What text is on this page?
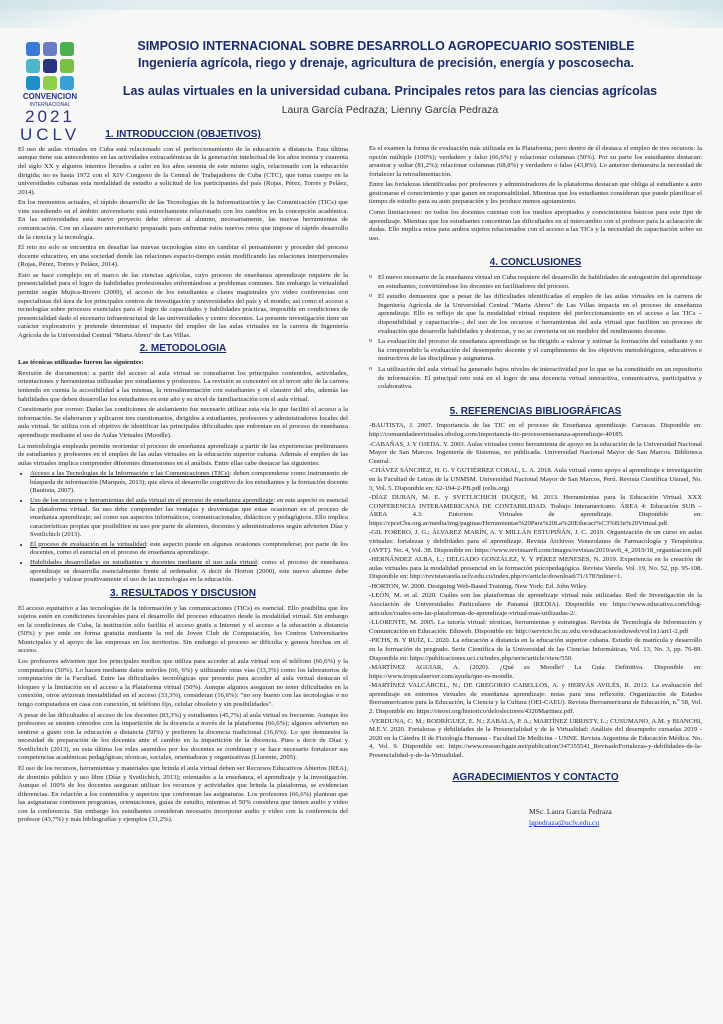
CONVENCION
INTERNACIONAL
2021
UCLV
SIMPOSIO INTERNACIONAL SOBRE DESARROLLO AGROPECUARIO SOSTENIBLE
Ingeniería agrícola, riego y drenaje, agricultura de precisión, energía y poscosecha.
Las aulas virtuales en la universidad cubana. Principales retos para las ciencias agrícolas
Laura García Pedraza; Lienny García Pedraza
1. INTRODUCCION (OBJETIVOS)

El uso de aulas virtuales en Cuba está relacionado con el perfeccionamiento de la educación a distancia. Esta última aunque tiene sus antecedentes en las actividades extracadémicas de la generación intelectual de los años treinta y cuarenta del siglo XX y algunos intentos llevados a cabo en los años sesenta de este mismo siglo, relacionado con la educación dirigida; no es hasta 1972 con el XIV Congreso de la Central de Trabajadores de Cuba (CTC), que toma cuerpo en la universidades cubanas esta modalidad de estudio a solicitud de los participantes del país (Rojas, Pérez, Torres y Peláez, 2014).

En los momentos actuales, el rápido desarrollo de las Tecnologías de la Informatización y las Comunicación (TICs) que vine sucediendo en el ámbito universitario está estrechamente relacionado con los cambios en la concepción académica. En las universidades está nuevo proyecto debe ofrecer al alumno, necesariamente, las nuevas herramientas de comunicación. Con un claustro universitario preparado para enfrentar estos nuevos retos que impone el rápido desarrollo de la ciencia y la tecnología.

El reto no solo se encuentra en desafiar las nuevas tecnologías sino en cambiar el pensamiento y proceder del proceso docente educativo, en una sociedad donde las relaciones espacio-tiempo están modificando las relaciones interpersonales (Rojas, Pérez, Torres y Peláez, 2014).

Esto se hace complejo en el marco de las ciencias agrícolas, cuyo proceso de enseñanza aprendizaje requiere de la presencialidad para el logro de habilidades profesionales enfrentándose a problemas comunes. Sin embargo la virtualidad permite según Mujica-Rivero (2009), el acceso de los estudiantes a clases magistrales y/o video conferencias con especialistas del área de los principales centros de investigación y universidades del país y el mundo; así como el acceso a tecnologías sobre procesos exenciales para el logro de capacidades y habilidades prácticas, imposible en condiciones de presencialidad dado el escenario infraestructural de las universidades y centro docentes. La presente investigación tiene un carácter exploratorio y pretende determinar el impacto del empleo de las aulas virtuales en la carrera de Ingeniería Agrícola de la Universidad Central "Marta Abreu" de Las Villas.

2. METODOLOGIA

Las técnicas utilizadas fueron las siguientes:

Revisión de documentos: a partir del acceso al aula virtual se consultaron los principales contenidos, actividades, orientaciones y herramientas utilizadas por estudiantes y profesores. La revisión se concentró en el tercer año de la carrera teniendo en cuenta la accesibilidad a las mismas, la retroalimentación con estudiantes y el claustro del año, además las habilidades que deben desarrollar los estudiantes en este año y su nivel de familiarización con el aula virtual.

Cuestionario por correo: Dadas las condiciones de aislamiento fue necesario utilizar esta vía lo que facilitó el acceso a la información. Se elaboraron y aplicaron tres cuestionarios, dirigidos a estudiantes, profesores y administradores locales del aula virtual. Se utiliza con el objetivo de identificar las principales dificultades que enfrentan en el proceso de enseñanza aprendizaje mediante el uso de Aulas Virtuales (Moodle).

La metodología empleada permite reorientar el proceso de enseñanza aprendizaje a partir de las experiencias preliminares de estudiantes y profesores en el empleo de las aulas virtuales en la educación superior cubana. Además el empleo de las aulas virtuales implica comprender diferentes dimensiones en el análisis. Entre ellas cabe destacar las siguientes:

• Acceso a las Tecnologías de la Información y las Comunicaciones (TICs): deben comprenderse como instrumento de búsqueda de información (Marqués, 2013); que eleva el desarrollo cognitivo de los estudiantes y la formación docente (Bautista, 2007).
• Uso de los recursos y herramientas del aula virtual en el proceso de enseñanza aprendizaje: en este aspecto es esencial la plataforma virtual. Su uso debe comprender las ventajas y desventajas que estas ocasionan en el proceso de enseñanza aprendizaje; así como sus aspectos informáticos, comunicacionales, didácticos y pedagógicos. Ello implica características propias que posibiliten su uso por parte de alumnos, docentes y administradores según advierten Díaz y Svetlichich (2013).
• El proceso de evaluación en la virtualidad: este aspecto puede en algunas ocasiones comprenderse; por parte de los docentes, como el esencial en el proceso de enseñanza aprendizaje.
• Habilidades desarrolladas en estudiantes y docentes mediante el uso aula virtual: como el proceso de enseñanza aprendizaje se desarrolla esencialmente frente al ordenador. A decir de Horton (2000), este nuevo alumno debe manejarlo y valorar positivamente el uso de las tecnologías en la educación.
3. RESULTADOS Y DISCUSION

El acceso equitativo a las tecnologías de la información y las comunicaciones (TICs) es esencial. Ello posibilita que los sujetos estén en condiciones favorables para el desarrollo del proceso educativo desde la modalidad virtual. Sin embargo en la condiciones de Cuba, la institución sólo facilita el acceso gratis a Internet y el acceso a la educación a distancia (50%) y por ende en forma gratuita mediante la red de Joven Club de Computación, los Centros Universitarios Municipales y el apoyo de las empresas en los territorios. Sin embargo el proceso se dificulta y genera brechas en el acceso.

Los profesores advierten que los principales medios que utiliza para acceder al aula virtual son el teléfono (66,6%) y la computadora (50%). Lo hacen mediante datos móviles (66, 6%) y utilizando otras vías (33,3%) como los laboratorios de computación de la Facultad. Entre las dificultades tecnológicas que presenta para acceder al aula virtual destacan el bloqueo y la limitación en el acceso a la Plataforma virtual (50%). Aunque algunos aseguran no tener dificultades en la conexión, otros avizoran inestabilidad en el acceso (33,3%), consideran (16,6%): "no soy bueno con las tecnologías o no tengo computadora en casa con conexión, ni teléfono fijo, celular obsoleto y sin posibilidades".

A pesar de las dificultades el acceso de los docentes (83,3%) y estudiantes (45,7%) al aula virtual es frecuente. Aunque los profesores se sienten cómodos con la impartición de la docencia a través de la plataforma (66,6%); algunos advierten no sentirse a gusto con la educación a distancia (50%) y prefieren la docencia tradicional (16,6%). Lo que demuestra la necesidad de preparación de los docentes ante el cambio en la impartición de la docencia. Pues a decir de Díaz y Svetlichich (2013), en esta última los roles asumidos por los docentes se combinan y se hace necesario fortalecer sus competencias académicas pedagógicas; técnicas, sociales, orientadoras y organizativas (Llorente, 2005).

El uso de los recursos, herramientas y materiales que brinda el aula virtual deben ser Recursos Educativos Abiertos (REA), de dominio público y uso libre (Díaz y Svetlichich, 2013); orientados a la enseñanza, el aprendizaje y la investigación. Aunque el 100% de los docentes aseguran utilizar los recursos y actividades que brinda la plataforma, se evidencian diferencias. En relación a los contenidos y aspectos que conforman las asignaturas. Los profesores (66,6%) plantean que las asignaturas contienen programas, orientaciones, guías de estudio, mientras el 50% considera que tienen audio y video con la conferencia. Sin embargo los estudiantes consideran necesario incorporar audio y video con la conferencia del profesor (43,7%) y más bibliografías y ejemplos (31,2%).

Es el examen la forma de evaluación más utilizada en la Plataforma; pero dentro de él destaca el empleo de tres recursos: la opción múltiple (100%); verdadero y falso (66,6%) y relacionar columnas (50%). Por su parte los estudiantes destacan: arrastrar y soltar (81,2%); relacionar columnas (68,8%) y verdadero o falso (43,8%). Lo anterior demuestra la necesidad de fortalecer la retroalimentación.

Entre las fortalezas identificadas por profesores y administradores de la plataforma destacan que obliga al estudiante a auto gestionarse el conocimiento y que ganen en responsabilidad. Mientras que los estudiantes consideran que puede planificar el tiempo de estudio para su auto preparación y les produce menos agotamiento.

Como limitaciones: no todos los docentes cuentan con los medios apropiados y conocimientos básicos para este tipo de aprendizaje. Mientras que los estudiantes concentran las dificultades en el intercambio con el profesor para la aclaración de dudas. Ello implica retos para ambos sujetos relacionados con el acceso a las TICs y la necesidad de capacitación sobre su uso.

4. CONCLUSIONES
o El nuevo escenario de la enseñanza virtual en Cuba requiere del desarrollo de habilidades de autogestión del aprendizaje en estudiantes, convirtiéndose los docentes en facilitadores del proceso.
o El estudio demuestra que a pesar de las dificultades identificadas el empleo de las aulas virtuales en la carrera de Ingeniería Agrícola de la Universidad Central "Marta Abreu" de Las Villas impacta en el proceso de enseñanza aprendizaje. Ello es reflejo de que la modalidad virtual requiere del perfeccionamiento en el acceso a las TICs –disponibilidad y capacitación–; del uso de los recursos o herramientas del aula virtual que faciliten un proceso de evaluación que desarrolle habilidades y destrezas, y no se convierta en un medidor del rendimiento docente.
o La evaluación del proceso de enseñanza aprendizaje se ha dirigido a valorar y estimar la formación del estudiante y no ha comprendido la evaluación del desempeño docente y el cumplimiento de los objetivos metodológicos, educativos e instructivos de las disciplinas y asignaturas.
o La utilización del aula virtual ha generado bajos niveles de interactividad por lo que se ha constituido en un repositorio de información. El principal reto está en el logro de una docencia virtual interactiva, comunicativa, participativa y colaborativa.
5. REFERENCIAS BIBLIOGRÁFICAS

-BAUTISTA, J. 2007. Importancia de las TIC en el proceso de Enseñanza aprendizaje. Carracas. Disponible en: http://comunidadesvirtuales.obolog.com/importancia-tic-procesoensenanza-aprendizaje-40185.

-CABAÑAS, J. Y OJEDA. Y. 2003. Aulas virtuales como herramienta de apoyo en la educación de la Universidad Nacional Mayor de San Marcos. Ingeniería de Sistemas, no publicada. Universidad Nacional Mayor de San Marcos. Biblioteca Central.

-CHÁVEZ SÁNCHEZ, H. G. Y GUTIÉRREZ CORAL, L. A. 2018. Aula virtual como apoyo al aprendizaje e investigación en la Facultad de Letras de la UNMSM. Universidad Nacional Mayor de San Marcos, Perú. Revista Científica Uisrael, No. 3, Vol. 5. Disponible en: 62-194-2-PB.pdf (relis.org)

-DÍAZ DURAN, M. E. y SVETLICHICH DUQUE, M. 2013. Herramientas para la Educación Virtual. XXX CONFERENCIA INTERAMERICANA DE CONTABILIDAD. Trabajo Interamericano. ÁREA 4: Educación SUB – ÁREA 4.3: Entornos Virtuales de aprendizaje. Disponible en: https://cpceCba.org.ar/media/img/paginas/Herramientas%20Para%20La%20Educaci%C3%B3n%20Virtual.pdf.

-GIL FORERO, J. G.; ÁLVAREZ MARÍN, A. Y MILLÁN ESTUPIÑÁN, J. C. 2019. Organización de un curso en aulas virtuales: fortalezas y debilidades para el aprendizaje. Revista Archivos Venezolanos de Farmacología y Terapéutica (AVFT). No. 4, Vol. 38. Disponible en: https://www.revistaavft.com/images/revistas/2019/avft_4_2019/18_organizacion.pdf

-HERNÁNDEZ ALBA, L.; DELGADO GONZÁLEZ, Y. Y PÉREZ MENESES, N. 2019. Experiencia en la creación de aulas virtuales para la modalidad presencial en la formación psicopedagógica. Revista Varela. Vol. 19, No. 52, pp. 95-108. Disponible en: http://revistavarela.uclv.edu.cu/index.php/rv/article/download/71/178?inline=1.

-HORTON, W. 2000. Designing Web-Based Training. New York: Ed. John Wiley.

-LEÓN, M. et al. 2020. Cuáles son las plataformas de aprendizaje virtual más utilizadas. Red de Investigación de la Asociación de Universidades Particulares de Panamá (REDIA). Disponible en: https://www.educativa.com/blog-articulos/cuales-son-las-plataformas-de-aprendizaje-virtual-mas-utilizadas-2/.

-LLORENTE, M. 2005. La tutoría virtual: técnicas, herramientas y estrategias. Revista de Tecnología de Información y Comunicación en Educación. Eduweb. Disponible en: http://servicio.bc.uc.edu.ve/educacion/eduweb/vol1n1/art1-2.pdf

-PICHS, B. Y RUÍZ, L. 2020. La educación a distancia en la educación superior cubana. Estudio de matrícula y desarrollo en la formación de pregrado. Serie Científica de la Universidad de las Ciencias Informáticas, Vol. 13, No. 3, pp. 76-89. Disponible en: https://publicaciones.uci.cu/index.php/serie/article/view/550.

-MARTÍNEZ AGUIAR, A. (2020). ¿Qué es Moodle? La Guía Definitiva. Disponible en: https://www.tropicalserver.com/ayuda/que-es-moodle.

-MARTÍNEZ VALCÁRCEL, N.; DE GREGORIO CABELLOS, A. y HERVÁS AVILÉS, R. 2012. La evaluación del aprendizaje en entornos virtuales de enseñanza aprendizaje: notas para una reflexión. Organización de Estados Iberoamericanos para la Educación, la Ciencia y la Cultura (OEI-CAEU). Revista Iberoamericana de Educación, n.º 58, Vol. 2. Disponible en: https://rieoei.org/historico/deloslectores/4320Martinez.pdf.

-VERDUNA, C. M.; RODRÍGUEZ, E. N.; ZABALA, P. A.; MARTÍNEZ URRISTY, L.; CUSUMANO, A.M. y BIANCHI, M.E.V. 2020. Fortalezas y debilidades de la Presencialidad y de la Virtualidad: Análisis del desempeño cursadas 2019 - 2020 en la Cátedra II de Fisiología Humana - Facultad De Medicina - UNNE. Revista Argentina de Educación Médica. No. 4, Vol. 9. Disponible en: https://www.researchgate.net/publication/347355541_RevisadoFortalezas-y-debilidades-de-la-Presencialidad-y-de-la-Virtualidad.

AGRADECIMIENTOS Y CONTACTO
MSc. Laura García Pedraza
lgpedraza@uclv.edu.cu
